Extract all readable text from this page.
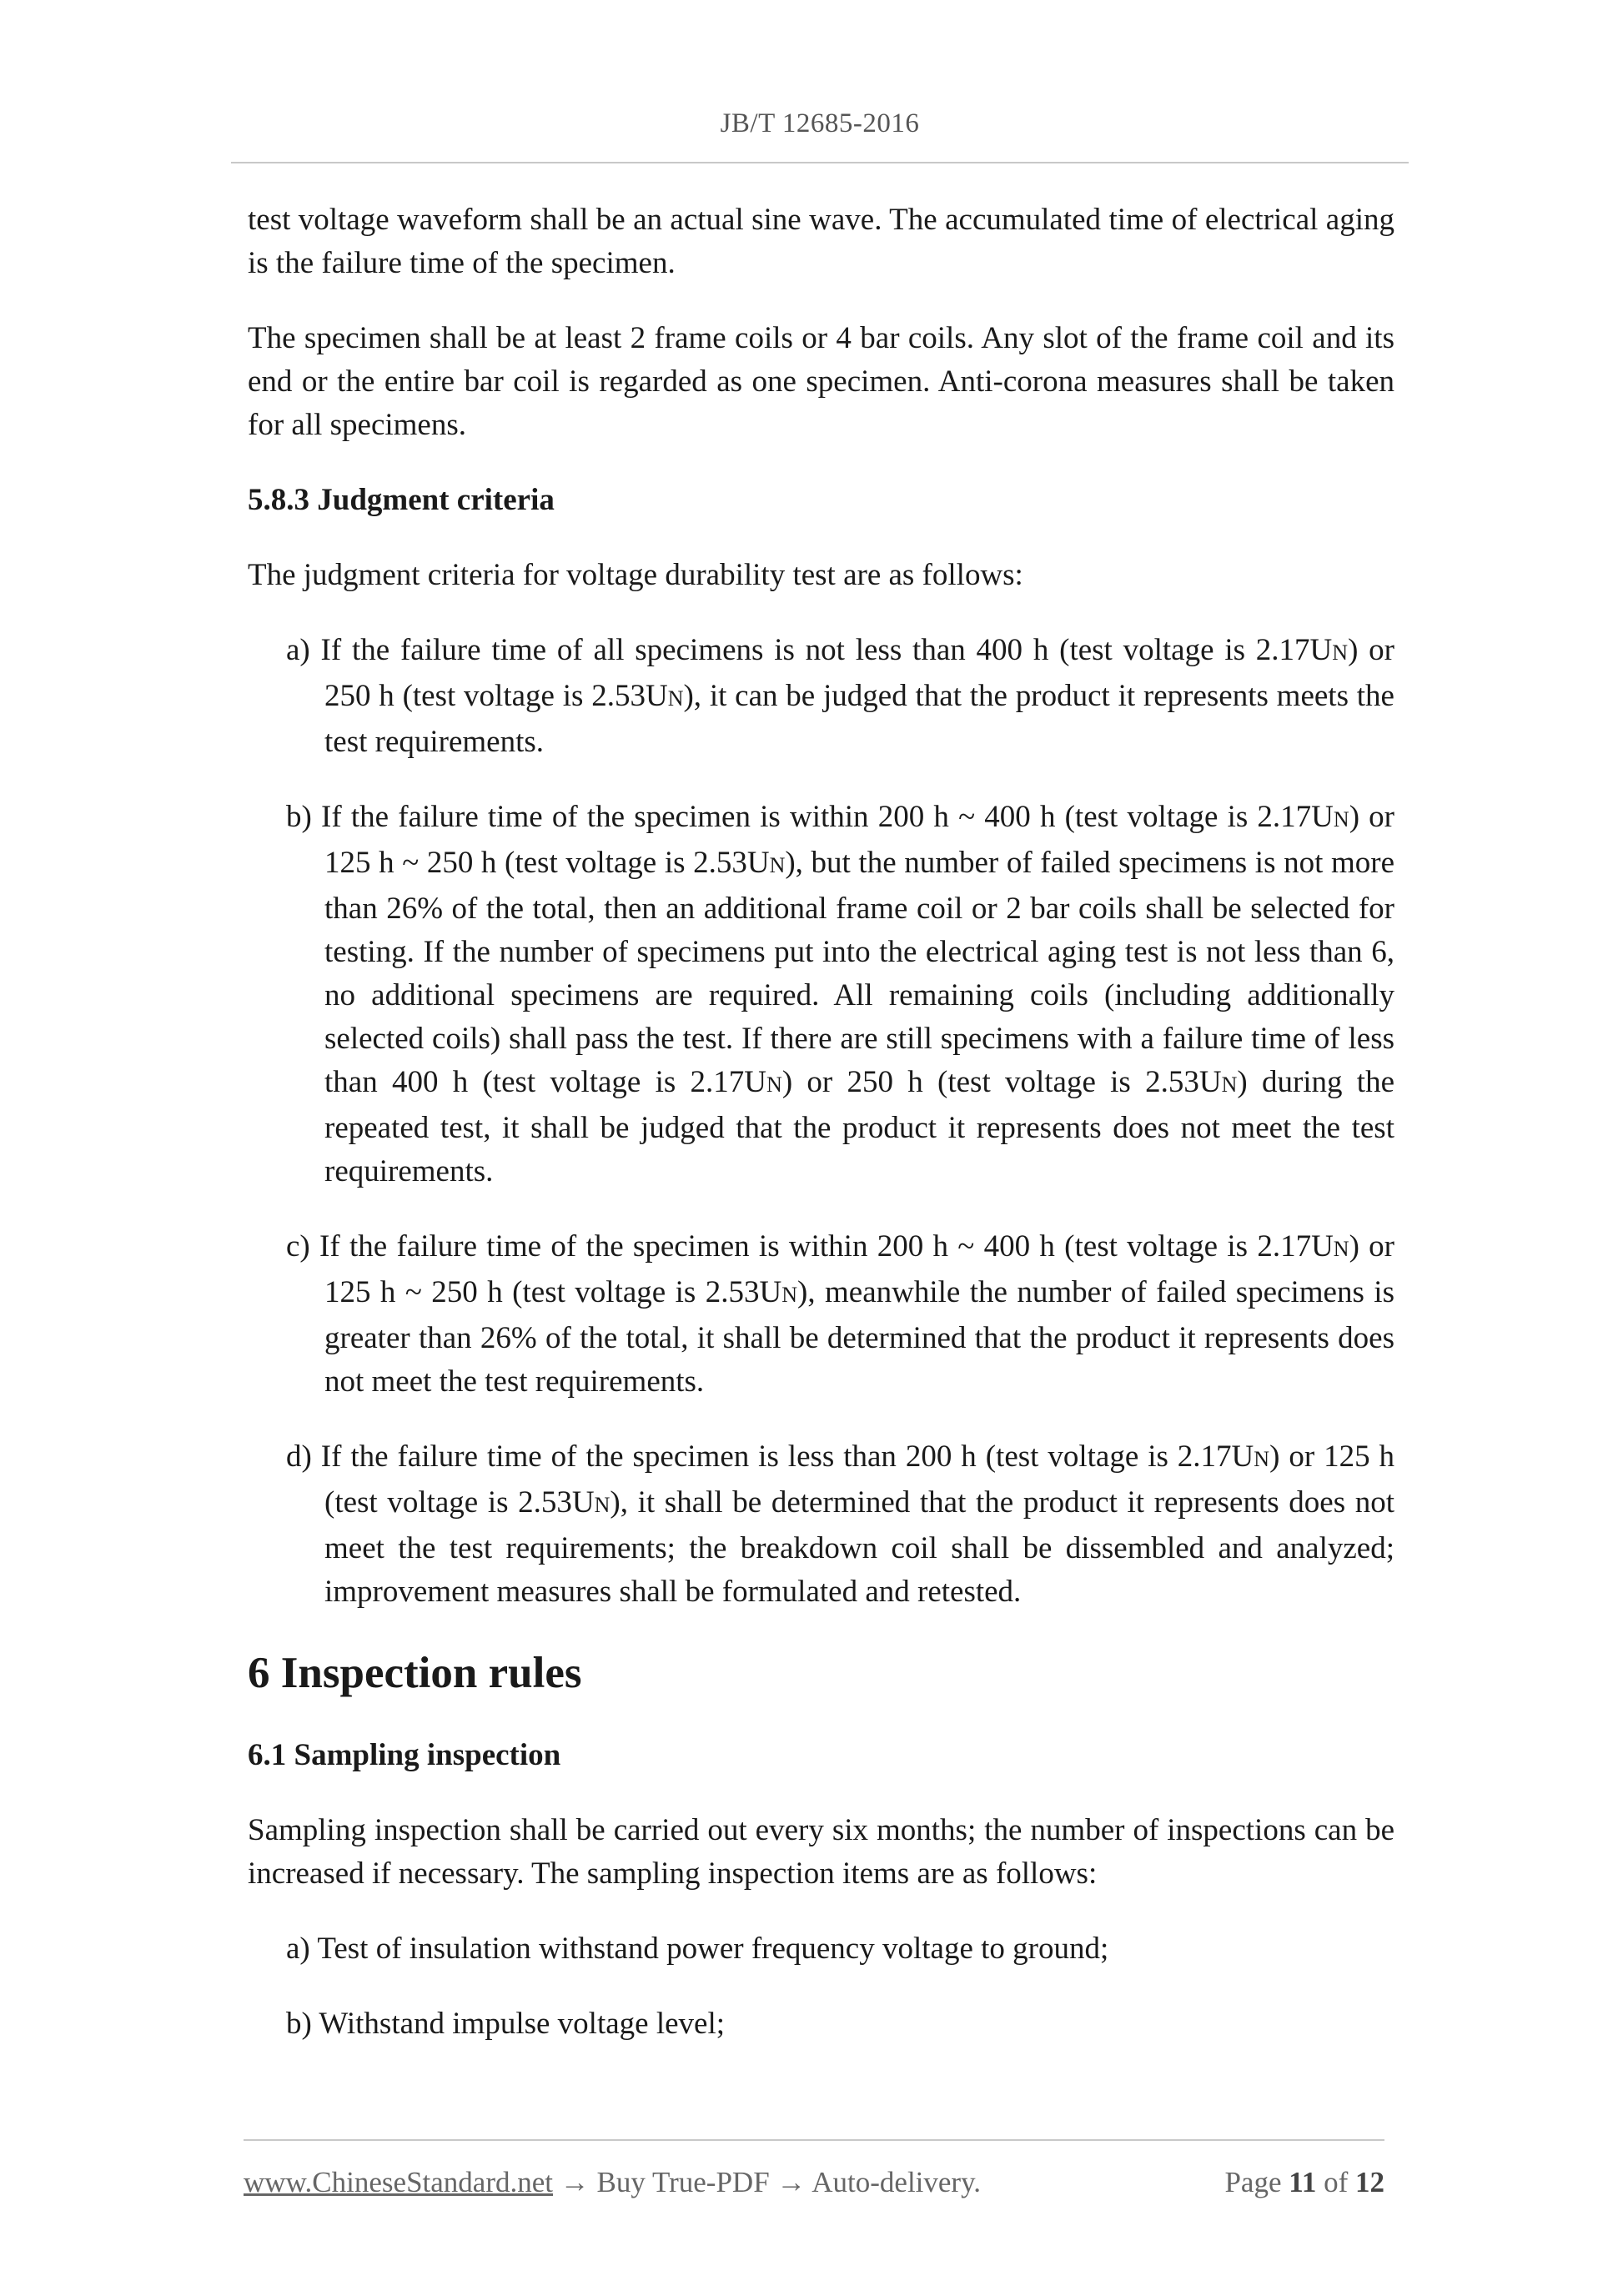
JB/T 12685-2016

test voltage waveform shall be an actual sine wave. The accumulated time of electrical aging is the failure time of the specimen.

The specimen shall be at least 2 frame coils or 4 bar coils. Any slot of the frame coil and its end or the entire bar coil is regarded as one specimen. Anti-corona measures shall be taken for all specimens.

5.8.3 Judgment criteria

The judgment criteria for voltage durability test are as follows:

a) If the failure time of all specimens is not less than 400 h (test voltage is 2.17UN) or 250 h (test voltage is 2.53UN), it can be judged that the product it represents meets the test requirements.
b) If the failure time of the specimen is within 200 h ~ 400 h (test voltage is 2.17UN) or 125 h ~ 250 h (test voltage is 2.53UN), but the number of failed specimens is not more than 26% of the total, then an additional frame coil or 2 bar coils shall be selected for testing. If the number of specimens put into the electrical aging test is not less than 6, no additional specimens are required. All remaining coils (including additionally selected coils) shall pass the test. If there are still specimens with a failure time of less than 400 h (test voltage is 2.17UN) or 250 h (test voltage is 2.53UN) during the repeated test, it shall be judged that the product it represents does not meet the test requirements.
c) If the failure time of the specimen is within 200 h ~ 400 h (test voltage is 2.17UN) or 125 h ~ 250 h (test voltage is 2.53UN), meanwhile the number of failed specimens is greater than 26% of the total, it shall be determined that the product it represents does not meet the test requirements.
d) If the failure time of the specimen is less than 200 h (test voltage is 2.17UN) or 125 h (test voltage is 2.53UN), it shall be determined that the product it represents does not meet the test requirements; the breakdown coil shall be dissembled and analyzed; improvement measures shall be formulated and retested.
6 Inspection rules
6.1 Sampling inspection

Sampling inspection shall be carried out every six months; the number of inspections can be increased if necessary. The sampling inspection items are as follows:

a) Test of insulation withstand power frequency voltage to ground;
b) Withstand impulse voltage level;
www.ChineseStandard.net → Buy True-PDF → Auto-delivery.	Page 11 of 12
